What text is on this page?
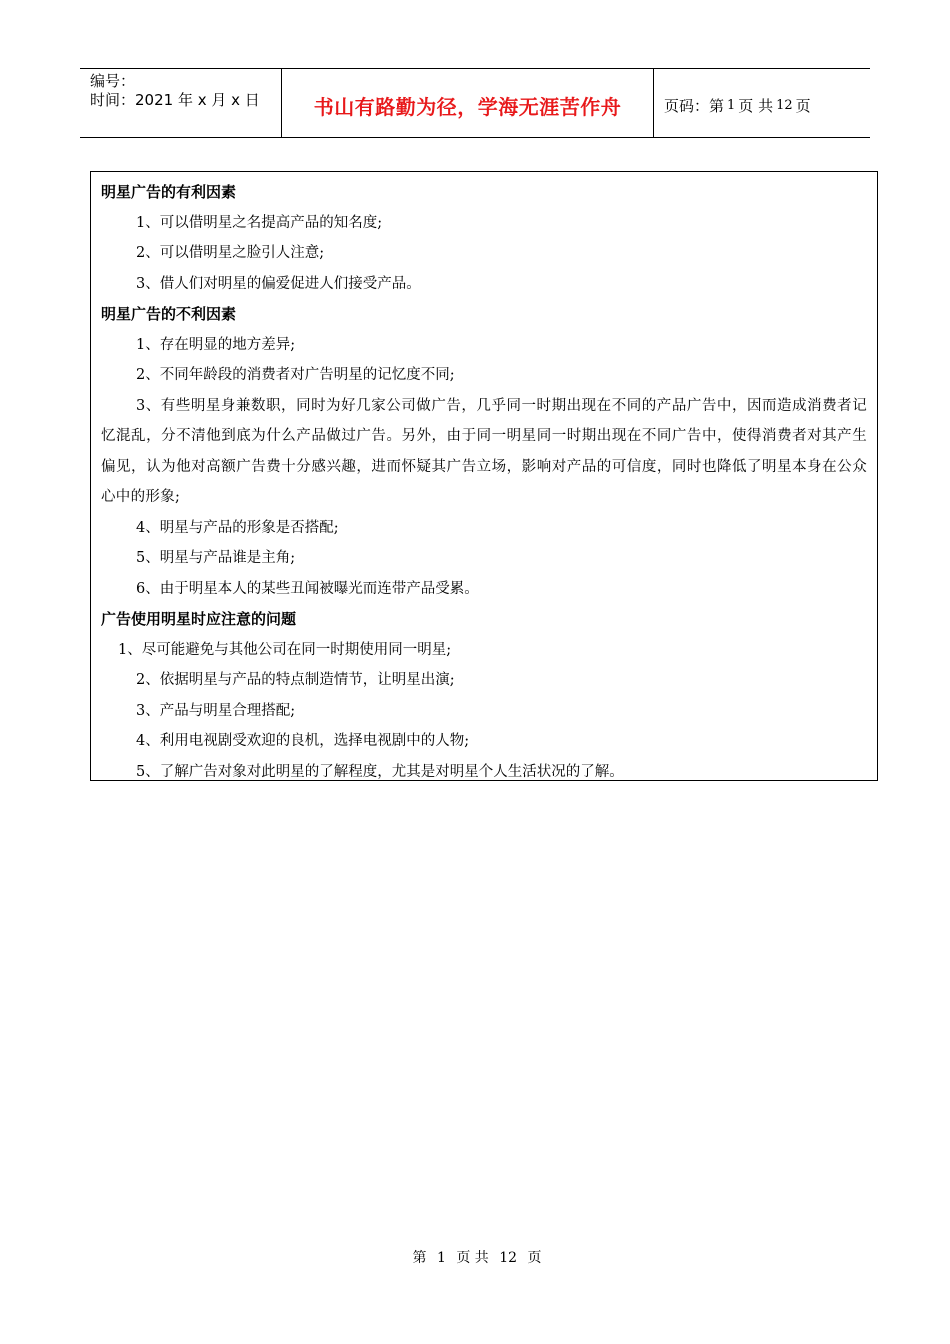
编号：
时间：2021 年 x 月 x 日	书山有路勤为径，学海无涯苦作舟	页码：第 1 页 共 12 页
明星广告的有利因素
1、可以借明星之名提高产品的知名度;
2、可以借明星之脸引人注意;
3、借人们对明星的偏爱促进人们接受产品。
明星广告的不利因素
1、存在明显的地方差异;
2、不同年龄段的消费者对广告明星的记忆度不同;
3、有些明星身兼数职，同时为好几家公司做广告，几乎同一时期出现在不同的产品广告中，因而造成消费者记忆混乱，分不清他到底为什么产品做过广告。另外，由于同一明星同一时期出现在不同广告中，使得消费者对其产生偏见，认为他对高额广告费十分感兴趣，进而怀疑其广告立场，影响对产品的可信度，同时也降低了明星本身在公众心中的形象;
4、明星与产品的形象是否搭配;
5、明星与产品谁是主角;
6、由于明星本人的某些丑闻被曝光而连带产品受累。
广告使用明星时应注意的问题
1、尽可能避免与其他公司在同一时期使用同一明星;
2、依据明星与产品的特点制造情节，让明星出演;
3、产品与明星合理搭配;
4、利用电视剧受欢迎的良机，选择电视剧中的人物;
5、了解广告对象对此明星的了解程度，尤其是对明星个人生活状况的了解。
第 1 页 共 12 页
